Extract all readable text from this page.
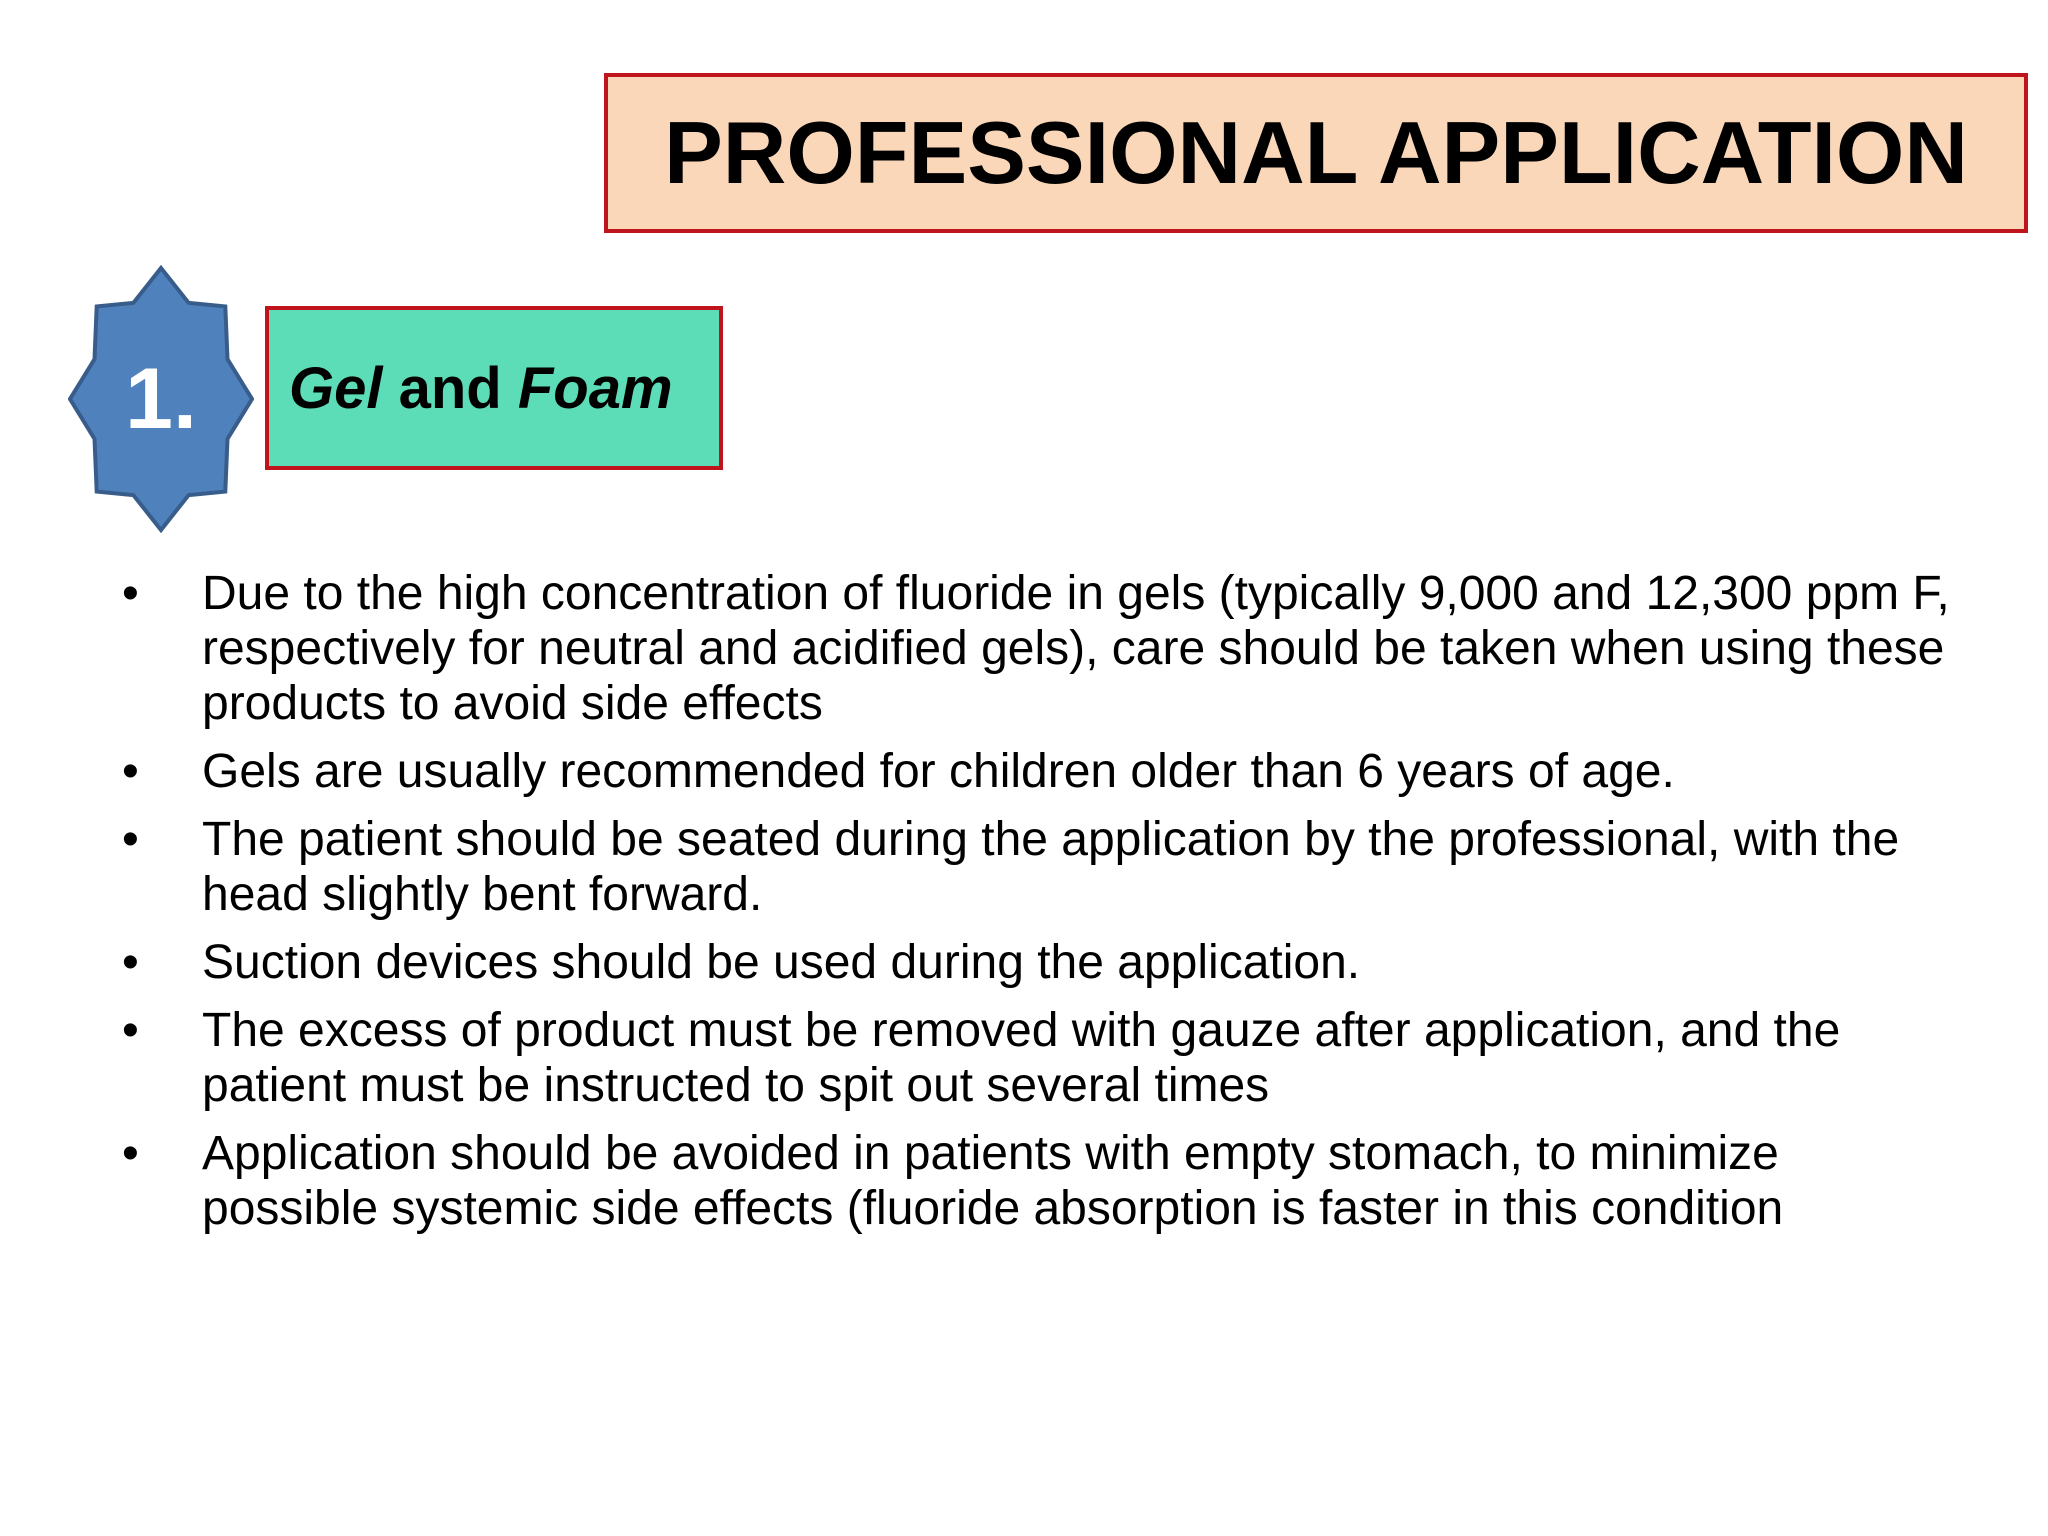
PROFESSIONAL APPLICATION
1.	Gel and Foam
• Due to the high concentration of fluoride in gels (typically 9,000 and 12,300 ppm F, respectively for neutral and acidified gels), care should be taken when using these products to avoid side effects
• Gels are usually recommended for children older than 6 years of age.
• The patient should be seated during the application by the professional, with the head slightly bent forward.
• Suction devices should be used during the application.
• The excess of product must be removed with gauze after application, and the patient must be instructed to spit out several times
• Application should be avoided in patients with empty stomach, to minimize possible systemic side effects (fluoride absorption is faster in this condition
